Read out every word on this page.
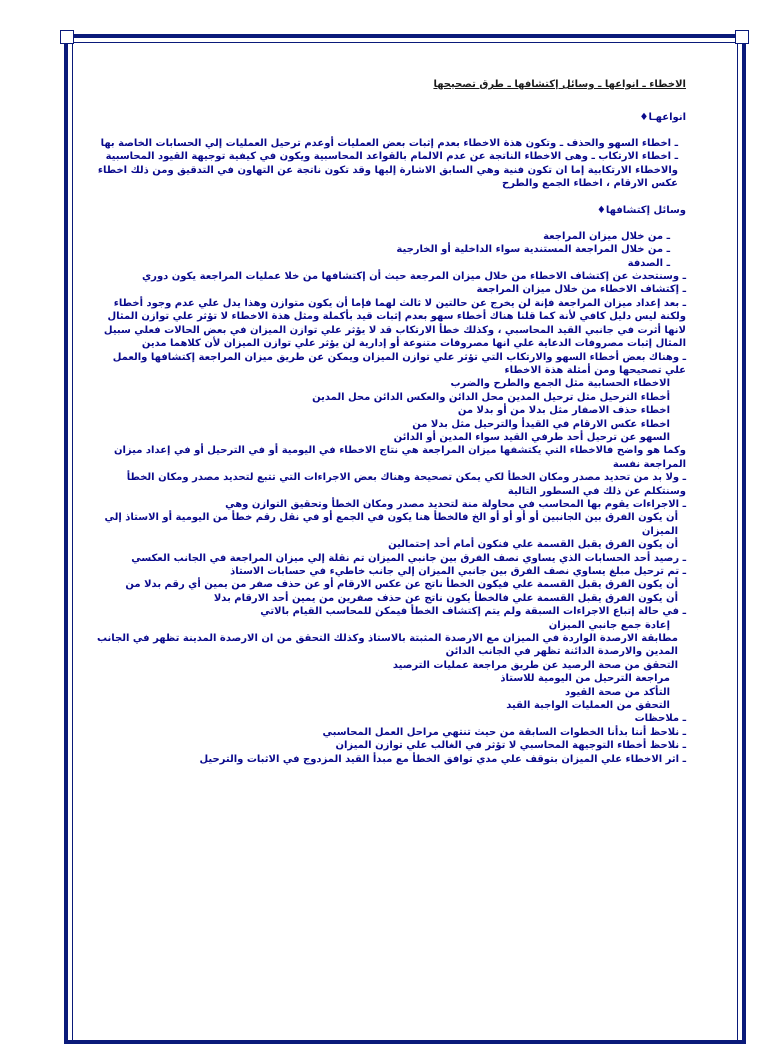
الاخطاء ـ انواعها ـ وسائل إكتشافها ـ طرق تصحيحها
انواعهـا♦
ـ اخطاء السهو والحذف ـ وتكون هذة الاخطاء بعدم إثبات بعض العمليات أوعدم ترحيل العمليات إلي الحسابات الخاصة بها
ـ اخطاء الارتكاب ـ وهى الاخطاء الناتجة عن عدم الالمام بالقواعد المحاسبية ويكون في كيفية توجيهة القيود المحاسبية والاخطاء الارتكابية إما ان تكون فنية وهي السابق الاشارة إليها وقد تكون ناتجة عن التهاون في التدقيق ومن ذلك اخطاء عكس الارقام ، اخطاء الجمع والطرح
وسائل إكتشافها♦
ـ من خلال ميزان المراجعة
ـ من خلال المراجعة المستندية سواء الداخلية أو الخارجية
ـ الصدفة
ـ وسنتحدث عن إكتشاف الاخطاء من خلال ميزان المرجعة حيث أن إكتشافها من خلا عمليات المراجعة يكون دوري
ـ إكتشاف الاخطاء من خلال ميزان المراجعة
ـ بعد إعداد ميزان المراجعة فإنة لن يخرج عن حالتين لا ثالث لهما فإما أن يكون متوازن وهذا يدل علي عدم وجود أخطاء ولكنة ليس دليل كافي لأنة كما قلنا هناك أخطاء سهو بعدم إثبات قيد بأكملة ومثل هذة الاخطاء لا تؤثر علي توازن المثال لانها أثرت في جانبي القيد المحاسبي ، وكذلك خطأ الارتكاب قد لا يؤثر علي توازن الميزان في بعض الحالات فعلي سبيل المثال إثبات مصروفات الدعاية علي انها مصروفات متنوعة أو إدارية لن يؤثر علي توازن الميزان لأن كلاهما مدين
ـ وهناك بعض أخطاء السهو والارتكاب التي تؤثر علي توازن الميزان ويمكن عن طريق ميزان المراجعة إكتشافها والعمل علي تصحيحها ومن أمثلة هذة الاخطاء
الاخطاء الحسابية مثل الجمع والطرح والضرب
أخطاء الترحيل مثل ترحيل المدين محل الدائن والعكس الدائن محل المدين
اخطاء حذف الاصفار مثل بدلا من أو بدلا من
اخطاء عكس الارقام في القيدأ والترحيل مثل بدلا من
السهو عن ترحيل أحد طرفي القيد سواء المدين أو الدائن
وكما هو واضح فالاخطاء التي يكتشفها ميزان المراجعة هي نتاج الاخطاء في اليومية أو في الترحيل أو في إعداد ميزان المراجعة نفسة
ـ ولا بد من تحديد مصدر ومكان الخطأ لكي يمكن تصحيحة وهناك بعض الاجراءات التي تتبع لتحديد مصدر ومكان الخطأ وسنتكلم عن ذلك في السطور التالية
ـ الاجراءات يقوم بها المحاسب في محاولة منة لتحديد مصدر ومكان الخطأ وتحقيق التوازن وهي
أن يكون الفرق بين الجانبين أو أو أو أو الخ فالخطأ هنا يكون في الجمع أو في نقل رقم خطأ من اليومية أو الاستاذ إلي الميزان
أن يكون الفرق يقبل القسمة علي فنكون أمام أحد إحتمالين
ـ رصيد أحد الحسابات الذي يساوي نصف الفرق بين جانبي الميزان تم نقلة إلي ميزان المراجعة في الجانب العكسي
ـ تم ترحيل مبلغ يساوي نصف الفرق بين جانبي الميزان إلي جانب خاطيء في حسابات الاستاذ
أن يكون الفرق يقبل القسمة علي فيكون الخطأ ناتج عن عكس الارقام أو عن حذف صفر من يمين أي رقم بدلا من
أن يكون الفرق يقبل القسمة علي فالخطأ يكون ناتج عن حذف صفرين من يمين أحد الارقام بدلا
ـ في حالة إتباع الاجراءات السبقة ولم يتم إكتشاف الخطأ فيمكن للمحاسب القيام بالاتي
إعادة جمع جانبي الميزان
مطابقة الارصدة الواردة في الميزان مع الارصدة المثبتة بالاستاذ وكذلك التحقق من ان الارصدة المدينة تظهر في الجانب المدين والارصدة الدائنة تظهر في الجانب الدائن
التحقق من صحة الرصيد عن طريق مراجعة عمليات الترصيد
مراجعة الترحيل من اليومية للاستاذ
التأكد من صحة القيود
التحقق من العمليات الواجبة القيد
ـ ملاحظات
ـ نلاحظ أننا بدأنا الخطوات السابقة من حيث تنتهي مراحل العمل المحاسبي
ـ نلاحظ أخطاء التوجيهة المحاسبي لا تؤثر في الغالب علي توازن الميزان
ـ اثر الاخطاء علي الميزان بتوقف علي مدي توافق الخطأ مع مبدأ القيد المزدوج في الاثبات والترحيل
